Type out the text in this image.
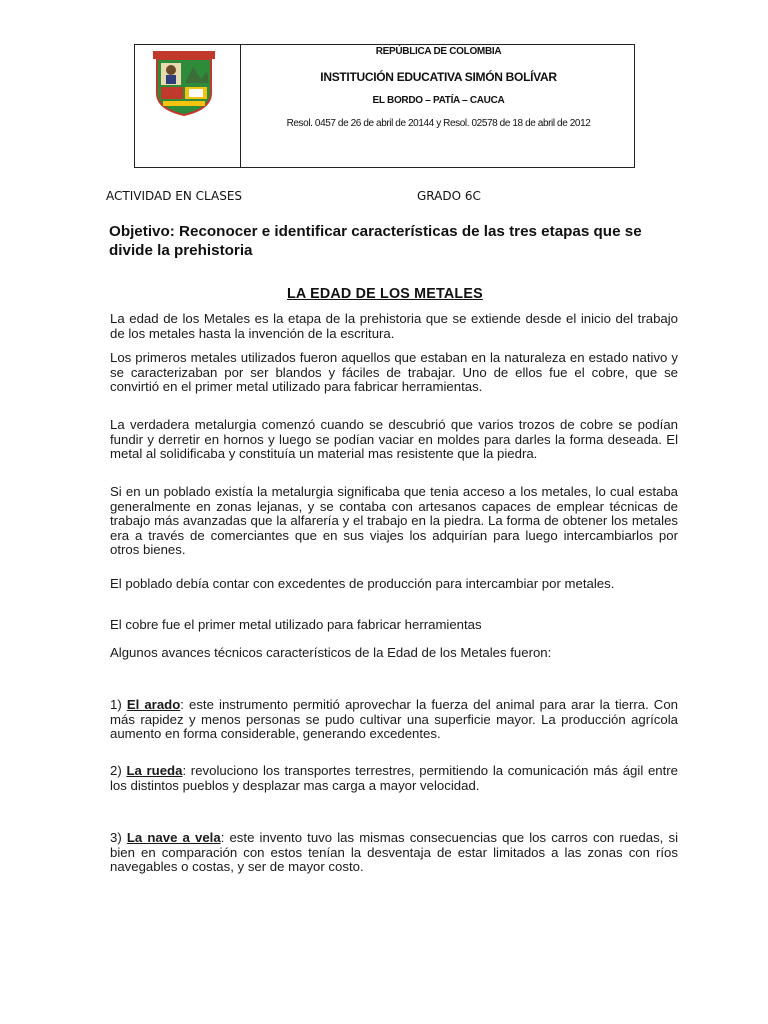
REPÚBLICA DE COLOMBIA
INSTITUCIÓN EDUCATIVA SIMÓN BOLÍVAR
EL BORDO – PATÍA – CAUCA
Resol. 0457 de 26 de abril de 20144 y Resol. 02578 de 18 de abril de 2012
ACTIVIDAD EN CLASES	GRADO 6C
Objetivo: Reconocer e identificar características de las tres etapas que se divide la prehistoria
LA EDAD DE LOS METALES
La edad de los Metales es la etapa de la prehistoria que se extiende desde el inicio del trabajo de los metales hasta la invención de la escritura.
Los primeros metales utilizados fueron aquellos que estaban en la naturaleza en estado nativo y se caracterizaban por ser blandos y fáciles de trabajar. Uno de ellos fue el cobre, que se convirtió en el primer metal utilizado para fabricar herramientas.
La verdadera metalurgia comenzó cuando se descubrió que varios trozos de cobre se podían fundir y derretir en hornos y luego se podían vaciar en moldes para darles la forma deseada. El metal al solidificaba y constituía un material mas resistente que la piedra.
Si en un poblado existía la metalurgia significaba que tenia acceso a los metales, lo cual estaba generalmente en zonas lejanas, y se contaba con artesanos capaces de emplear técnicas de trabajo más avanzadas que la alfarería y el trabajo en la piedra. La forma de obtener los metales era a través de comerciantes que en sus viajes los adquirían para luego intercambiarlos por otros bienes.
El poblado debía contar con excedentes de producción para intercambiar por metales.
El cobre fue el primer metal utilizado para fabricar herramientas
Algunos avances técnicos característicos de la Edad de los Metales fueron:
1) El arado: este instrumento permitió aprovechar la fuerza del animal para arar la tierra. Con más rapidez y menos personas se pudo cultivar una superficie mayor. La producción agrícola aumento en forma considerable, generando excedentes.
2) La rueda: revoluciono los transportes terrestres, permitiendo la comunicación más ágil entre los distintos pueblos y desplazar mas carga a mayor velocidad.
3) La nave a vela: este invento tuvo las mismas consecuencias que los carros con ruedas, si bien en comparación con estos tenían la desventaja de estar limitados a las zonas con ríos navegables o costas, y ser de mayor costo.
